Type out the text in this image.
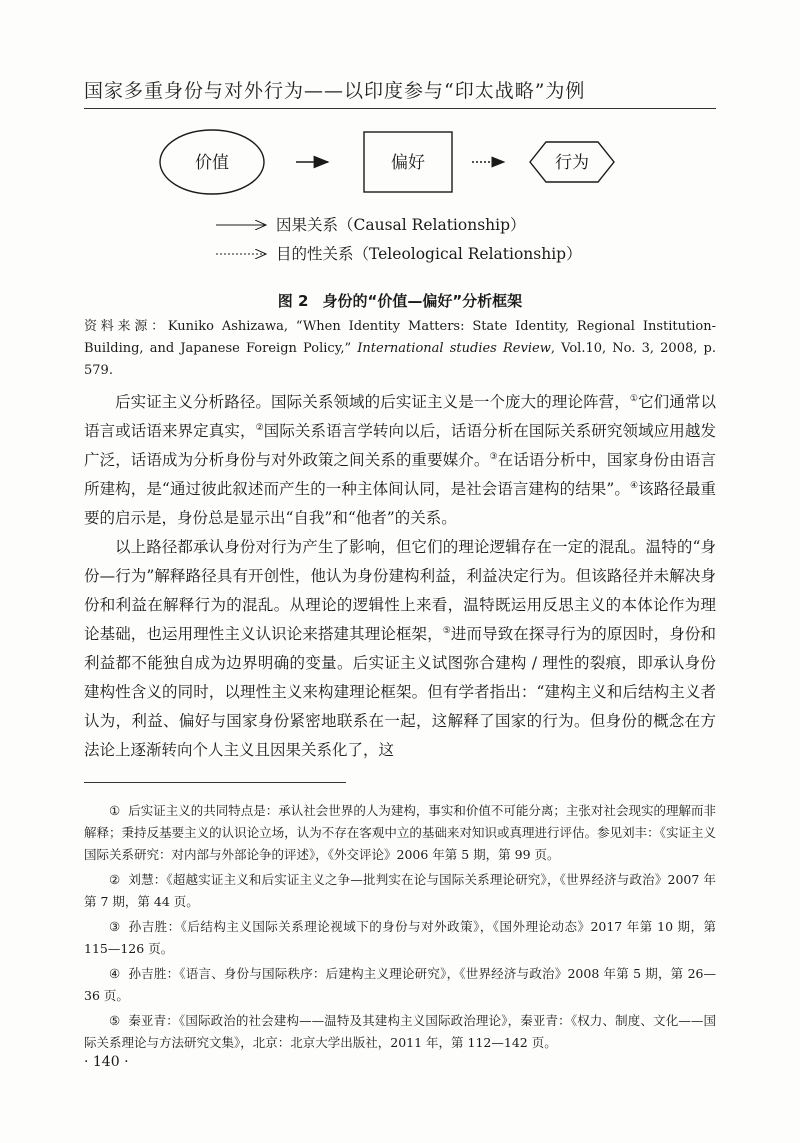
国家多重身份与对外行为——以印度参与“印太战略”为例
价值	偏好	行为
因果关系（Causal Relationship）
目的性关系（Teleological Relationship）
图 2 身份的“价值—偏好”分析框架
资料来源：Kuniko Ashizawa, “When Identity Matters: State Identity, Regional Institution-Building, and Japanese Foreign Policy,” International studies Review, Vol.10, No. 3, 2008, p. 579.

后实证主义分析路径。国际关系领域的后实证主义是一个庞大的理论阵营，①它们通常以语言或话语来界定真实，②国际关系语言学转向以后，话语分析在国际关系研究领域应用越发广泛，话语成为分析身份与对外政策之间关系的重要媒介。③在话语分析中，国家身份由语言所建构，是“通过彼此叙述而产生的一种主体间认同，是社会语言建构的结果”。④该路径最重要的启示是，身份总是显示出“自我”和“他者”的关系。

以上路径都承认身份对行为产生了影响，但它们的理论逻辑存在一定的混乱。温特的“身份—行为”解释路径具有开创性，他认为身份建构利益，利益决定行为。但该路径并未解决身份和利益在解释行为的混乱。从理论的逻辑性上来看，温特既运用反思主义的本体论作为理论基础，也运用理性主义认识论来搭建其理论框架，⑤进而导致在探寻行为的原因时，身份和利益都不能独自成为边界明确的变量。后实证主义试图弥合建构 / 理性的裂痕，即承认身份建构性含义的同时，以理性主义来构建理论框架。但有学者指出：“建构主义和后结构主义者认为，利益、偏好与国家身份紧密地联系在一起，这解释了国家的行为。但身份的概念在方法论上逐渐转向个人主义且因果关系化了，这

① 后实证主义的共同特点是：承认社会世界的人为建构，事实和价值不可能分离；主张对社会现实的理解而非解释；秉持反基要主义的认识论立场，认为不存在客观中立的基础来对知识或真理进行评估。参见刘丰：《实证主义国际关系研究：对内部与外部论争的评述》，《外交评论》2006 年第 5 期，第 99 页。

② 刘慧：《超越实证主义和后实证主义之争—批判实在论与国际关系理论研究》，《世界经济与政治》2007 年第 7 期，第 44 页。

③ 孙吉胜：《后结构主义国际关系理论视域下的身份与对外政策》，《国外理论动态》2017 年第 10 期，第 115—126 页。

④ 孙吉胜：《语言、身份与国际秩序：后建构主义理论研究》，《世界经济与政治》2008 年第 5 期，第 26—36 页。

⑤ 秦亚青：《国际政治的社会建构——温特及其建构主义国际政治理论》，秦亚青：《权力、制度、文化——国际关系理论与方法研究文集》，北京：北京大学出版社，2011 年，第 112—142 页。

· 140 ·
